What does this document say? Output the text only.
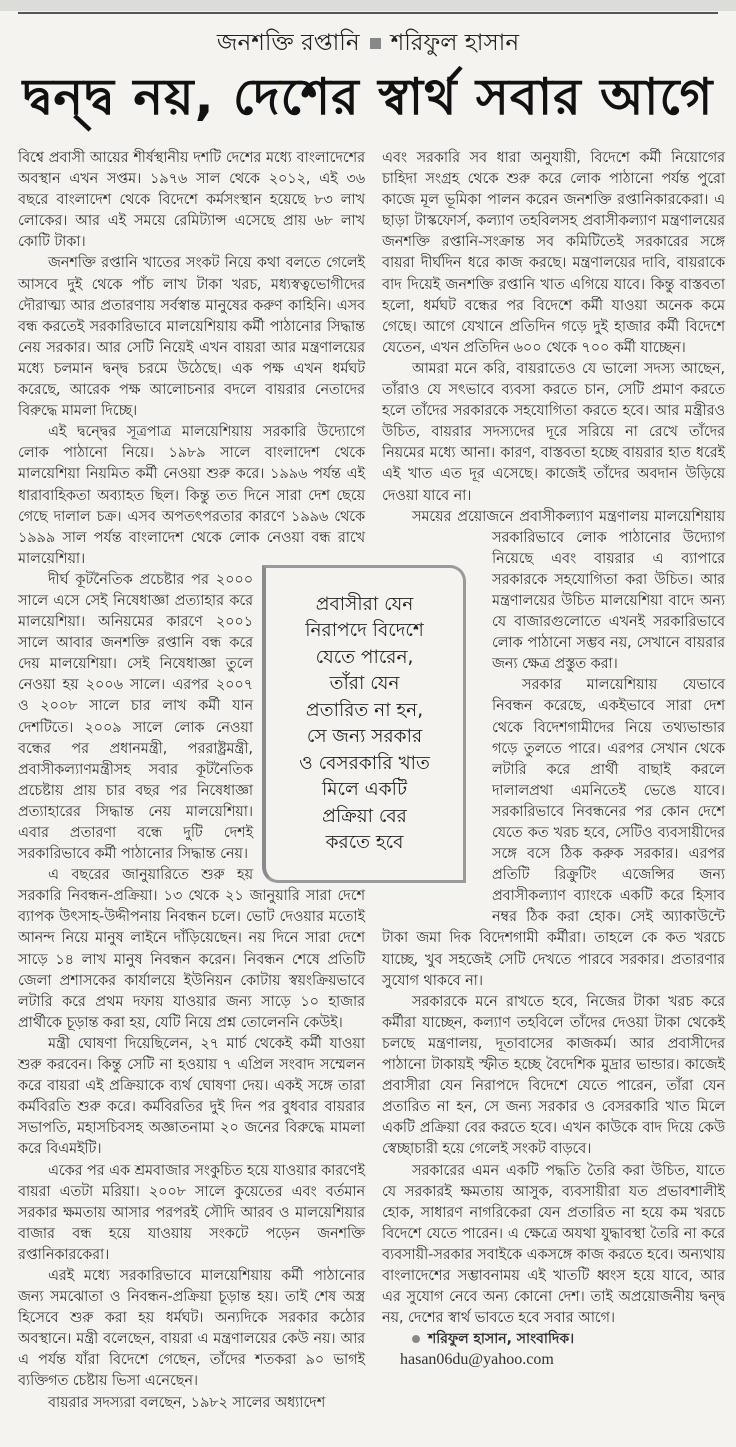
জনশক্তি রপ্তানি শরিফুল হাসান
দ্বন্দ্ব নয়, দেশের স্বার্থ সবার আগে

বিশ্বে প্রবাসী আয়ের শীর্ষস্থানীয় দশটি দেশের মধ্যে বাংলাদেশের অবস্থান এখন সপ্তম। ১৯৭৬ সাল থেকে ২০১২, এই ৩৬ বছরে বাংলাদেশ থেকে বিদেশে কর্মসংস্থান হয়েছে ৮৩ লাখ লোকের। আর এই সময়ে রেমিট্যান্স এসেছে প্রায় ৬৮ লাখ কোটি টাকা।

জনশক্তি রপ্তানি খাতের সংকট নিয়ে কথা বলতে গেলেই আসবে দুই থেকে পাঁচ লাখ টাকা খরচ, মধ্যস্বত্বভোগীদের দৌরাত্ম্য আর প্রতারণায় সর্বস্বান্ত মানুষের করুণ কাহিনি। এসব বন্ধ করতেই সরকারিভাবে মালয়েশিয়ায় কর্মী পাঠানোর সিদ্ধান্ত নেয় সরকার। আর সেটি নিয়েই এখন বায়রা আর মন্ত্রণালয়ের মধ্যে চলমান দ্বন্দ্ব চরমে উঠেছে। এক পক্ষ এখন ধর্মঘট করেছে, আরেক পক্ষ আলোচনার বদলে বায়রার নেতাদের বিরুদ্ধে মামলা দিচ্ছে।

এই দ্বন্দ্বের সূত্রপাত্র মালয়েশিয়ায় সরকারি উদ্যোগে লোক পাঠানো নিয়ে। ১৯৮৯ সালে বাংলাদেশ থেকে মালয়েশিয়া নিয়মিত কর্মী নেওয়া শুরু করে। ১৯৯৬ পর্যন্ত এই ধারাবাহিকতা অব্যাহত ছিল। কিন্তু তত দিনে সারা দেশ ছেয়ে গেছে দালাল চক্র। এসব অপতৎপরতার কারণে ১৯৯৬ থেকে ১৯৯৯ সাল পর্যন্ত বাংলাদেশ থেকে লোক নেওয়া বন্ধ রাখে মালয়েশিয়া।

দীর্ঘ কূটনৈতিক প্রচেষ্টার পর ২০০০ সালে এসে সেই নিষেধাজ্ঞা প্রত্যাহার করে মালয়েশিয়া। অনিয়মের কারণে ২০০১ সালে আবার জনশক্তি রপ্তানি বন্ধ করে দেয় মালয়েশিয়া। সেই নিষেধাজ্ঞা তুলে নেওয়া হয় ২০০৬ সালে। এরপর ২০০৭ ও ২০০৮ সালে চার লাখ কর্মী যান দেশটিতে। ২০০৯ সালে লোক নেওয়া বন্ধের পর প্রধানমন্ত্রী, পররাষ্ট্রমন্ত্রী, প্রবাসীকল্যাণমন্ত্রীসহ সবার কূটনৈতিক প্রচেষ্টায় প্রায় চার বছর পর নিষেধাজ্ঞা প্রত্যাহারের সিদ্ধান্ত নেয় মালয়েশিয়া। এবার প্রতারণা বন্ধে দুটি দেশই সরকারিভাবে কর্মী পাঠানোর সিদ্ধান্ত নেয়।

এ বছরের জানুয়ারিতে শুরু হয় সরকারি নিবন্ধন-প্রক্রিয়া। ১৩ থেকে ২১ জানুয়ারি সারা দেশে ব্যাপক উৎসাহ-উদ্দীপনায় নিবন্ধন চলে। ভোট দেওয়ার মতোই আনন্দ নিয়ে মানুষ লাইনে দাঁড়িয়েছেন। নয় দিনে সারা দেশে সাড়ে ১৪ লাখ মানুষ নিবন্ধন করেন। নিবন্ধন শেষে প্রতিটি জেলা প্রশাসকের কার্যালয়ে ইউনিয়ন কোটায় স্বয়ংক্রিয়ভাবে লটারি করে প্রথম দফায় যাওয়ার জন্য সাড়ে ১০ হাজার প্রার্থীকে চূড়ান্ত করা হয়, যেটি নিয়ে প্রশ্ন তোলেননি কেউই।

মন্ত্রী ঘোষণা দিয়েছিলেন, ২৭ মার্চ থেকেই কর্মী যাওয়া শুরু করবেন। কিন্তু সেটি না হওয়ায় ৭ এপ্রিল সংবাদ সম্মেলন করে বায়রা এই প্রক্রিয়াকে ব্যর্থ ঘোষণা দেয়। একই সঙ্গে তারা কর্মবিরতি শুরু করে। কর্মবিরতির দুই দিন পর বুধবার বায়রার সভাপতি, মহাসচিবসহ অজ্ঞাতনামা ২০ জনের বিরুদ্ধে মামলা করে বিএমইটি।

একের পর এক শ্রমবাজার সংকুচিত হয়ে যাওয়ার কারণেই বায়রা এতটা মরিয়া। ২০০৮ সালে কুয়েতের এবং বর্তমান সরকার ক্ষমতায় আসার পরপরই সৌদি আরব ও মালয়েশিয়ার বাজার বন্ধ হয়ে যাওয়ায় সংকটে পড়েন জনশক্তি রপ্তানিকারকেরা।

এরই মধ্যে সরকারিভাবে মালয়েশিয়ায় কর্মী পাঠানোর জন্য সমঝোতা ও নিবন্ধন-প্রক্রিয়া চূড়ান্ত হয়। তাই শেষ অস্ত্র হিসেবে শুরু করা হয় ধর্মঘট। অন্যদিকে সরকার কঠোর অবস্থানে। মন্ত্রী বলেছেন, বায়রা এ মন্ত্রণালয়ের কেউ নয়। আর এ পর্যন্ত যাঁরা বিদেশে গেছেন, তাঁদের শতকরা ৯০ ভাগই ব্যক্তিগত চেষ্টায় ভিসা এনেছেন।

বায়রার সদস্যরা বলছেন, ১৯৮২ সালের অধ্যাদেশ

এবং সরকারি সব ধারা অনুযায়ী, বিদেশে কর্মী নিয়োগের চাহিদা সংগ্রহ থেকে শুরু করে লোক পাঠানো পর্যন্ত পুরো কাজে মূল ভূমিকা পালন করেন জনশক্তি রপ্তানিকারকেরা। এ ছাড়া টাস্কফোর্স, কল্যাণ তহবিলসহ প্রবাসীকল্যাণ মন্ত্রণালয়ের জনশক্তি রপ্তানি-সংক্রান্ত সব কমিটিতেই সরকারের সঙ্গে বায়রা দীর্ঘদিন ধরে কাজ করছে। মন্ত্রণালয়ের দাবি, বায়রাকে বাদ দিয়েই জনশক্তি রপ্তানি খাত এগিয়ে যাবে। কিন্তু বাস্তবতা হলো, ধর্মঘট বন্ধের পর বিদেশে কর্মী যাওয়া অনেক কমে গেছে। আগে যেখানে প্রতিদিন গড়ে দুই হাজার কর্মী বিদেশে যেতেন, এখন প্রতিদিন ৬০০ থেকে ৭০০ কর্মী যাচ্ছেন।

আমরা মনে করি, বায়রাতেও যে ভালো সদস্য আছেন, তাঁরাও যে সৎভাবে ব্যবসা করতে চান, সেটি প্রমাণ করতে হলে তাঁদের সরকারকে সহযোগিতা করতে হবে। আর মন্ত্রীরও উচিত, বায়রার সদস্যদের দূরে সরিয়ে না রেখে তাঁদের নিয়মের মধ্যে আনা। কারণ, বাস্তবতা হচ্ছে বায়রার হাত ধরেই এই খাত এত দূর এসেছে। কাজেই তাঁদের অবদান উড়িয়ে দেওয়া যাবে না।

সময়ের প্রয়োজনে প্রবাসীকল্যাণ মন্ত্রণালয় মালয়েশিয়ায় সরকারিভাবে লোক পাঠানোর উদ্যোগ নিয়েছে এবং বায়রার এ ব্যাপারে সরকারকে সহযোগিতা করা উচিত। আর মন্ত্রণালয়ের উচিত মালয়েশিয়া বাদে অন্য যে বাজারগুলোতে এখনই সরকারিভাবে লোক পাঠানো সম্ভব নয়, সেখানে বায়রার জন্য ক্ষেত্র প্রস্তুত করা।

সরকার মালয়েশিয়ায় যেভাবে নিবন্ধন করেছে, একইভাবে সারা দেশ থেকে বিদেশগামীদের নিয়ে তথ্যভান্ডার গড়ে তুলতে পারে। এরপর সেখান থেকে লটারি করে প্রার্থী বাছাই করলে দালালপ্রথা এমনিতেই ভেঙে যাবে। সরকারিভাবে নিবন্ধনের পর কোন দেশে যেতে কত খরচ হবে, সেটিও ব্যবসায়ীদের সঙ্গে বসে ঠিক করুক সরকার। এরপর প্রতিটি রিক্রুটিং এজেন্সির জন্য প্রবাসীকল্যাণ ব্যাংকে একটি করে হিসাব নম্বর ঠিক করা হোক। সেই অ্যাকাউন্টে টাকা জমা দিক বিদেশগামী কর্মীরা। তাহলে কে কত খরচে যাচ্ছে, খুব সহজেই সেটি দেখতে পারবে সরকার। প্রতারণার সুযোগ থাকবে না।

সরকারকে মনে রাখতে হবে, নিজের টাকা খরচ করে কর্মীরা যাচ্ছেন, কল্যাণ তহবিলে তাঁদের দেওয়া টাকা থেকেই চলছে মন্ত্রণালয়, দূতাবাসের কাজকর্ম। আর প্রবাসীদের পাঠানো টাকায়ই স্ফীত হচ্ছে বৈদেশিক মুদ্রার ভান্ডার। কাজেই প্রবাসীরা যেন নিরাপদে বিদেশে যেতে পারেন, তাঁরা যেন প্রতারিত না হন, সে জন্য সরকার ও বেসরকারি খাত মিলে একটি প্রক্রিয়া বের করতে হবে। এখন কাউকে বাদ দিয়ে কেউ স্বেচ্ছাচারী হয়ে গেলেই সংকট বাড়বে।

সরকারের এমন একটি পদ্ধতি তৈরি করা উচিত, যাতে যে সরকারই ক্ষমতায় আসুক, ব্যবসায়ীরা যত প্রভাবশালীই হোক, সাধারণ নাগরিকেরা যেন প্রতারিত না হয়ে কম খরচে বিদেশে যেতে পারেন। এ ক্ষেত্রে অযথা যুদ্ধাবস্থা তৈরি না করে ব্যবসায়ী-সরকার সবাইকে একসঙ্গে কাজ করতে হবে। অন্যথায় বাংলাদেশের সম্ভাবনাময় এই খাতটি ধ্বংস হয়ে যাবে, আর এর সুযোগ নেবে অন্য কোনো দেশ। তাই অপ্রয়োজনীয় দ্বন্দ্ব নয়, দেশের স্বার্থ ভাবতে হবে সবার আগে।

শরিফুল হাসান, সাংবাদিক।

hasan06du@yahoo.com

প্রবাসীরা যেন
নিরাপদে বিদেশে
যেতে পারেন,
তাঁরা যেন
প্রতারিত না হন,
সে জন্য সরকার
ও বেসরকারি খাত
মিলে একটি
প্রক্রিয়া বের
করতে হবে
